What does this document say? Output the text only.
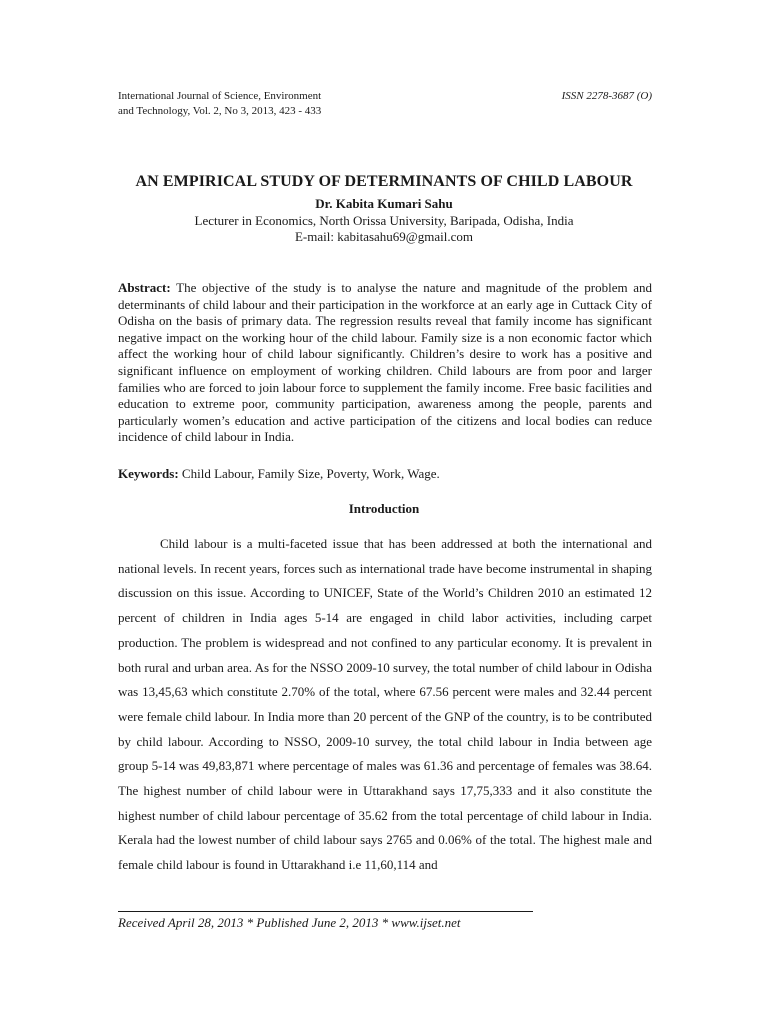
International Journal of Science, Environment
and Technology, Vol. 2, No 3, 2013, 423 - 433
ISSN 2278-3687 (O)
AN EMPIRICAL STUDY OF DETERMINANTS OF CHILD LABOUR
Dr. Kabita Kumari Sahu
Lecturer in Economics, North Orissa University, Baripada, Odisha, India
E-mail: kabitasahu69@gmail.com
Abstract: The objective of the study is to analyse the nature and magnitude of the problem and determinants of child labour and their participation in the workforce at an early age in Cuttack City of Odisha on the basis of primary data. The regression results reveal that family income has significant negative impact on the working hour of the child labour. Family size is a non economic factor which affect the working hour of child labour significantly. Children’s desire to work has a positive and significant influence on employment of working children. Child labours are from poor and larger families who are forced to join labour force to supplement the family income. Free basic facilities and education to extreme poor, community participation, awareness among the people, parents and particularly women’s education and active participation of the citizens and local bodies can reduce incidence of child labour in India.
Keywords: Child Labour, Family Size, Poverty, Work, Wage.
Introduction
Child labour is a multi-faceted issue that has been addressed at both the international and national levels. In recent years, forces such as international trade have become instrumental in shaping discussion on this issue. According to UNICEF, State of the World’s Children 2010 an estimated 12 percent of children in India ages 5-14 are engaged in child labor activities, including carpet production. The problem is widespread and not confined to any particular economy. It is prevalent in both rural and urban area. As for the NSSO 2009-10 survey, the total number of child labour in Odisha was 13,45,63 which constitute 2.70% of the total, where 67.56 percent were males and 32.44 percent were female child labour. In India more than 20 percent of the GNP of the country, is to be contributed by child labour. According to NSSO, 2009-10 survey, the total child labour in India between age group 5-14 was 49,83,871 where percentage of males was 61.36 and percentage of females was 38.64. The highest number of child labour were in Uttarakhand says 17,75,333 and it also constitute the highest number of child labour percentage of 35.62 from the total percentage of child labour in India. Kerala had the lowest number of child labour says 2765 and 0.06% of the total. The highest male and female child labour is found in Uttarakhand i.e 11,60,114 and
Received April 28, 2013 * Published June 2, 2013 * www.ijset.net
